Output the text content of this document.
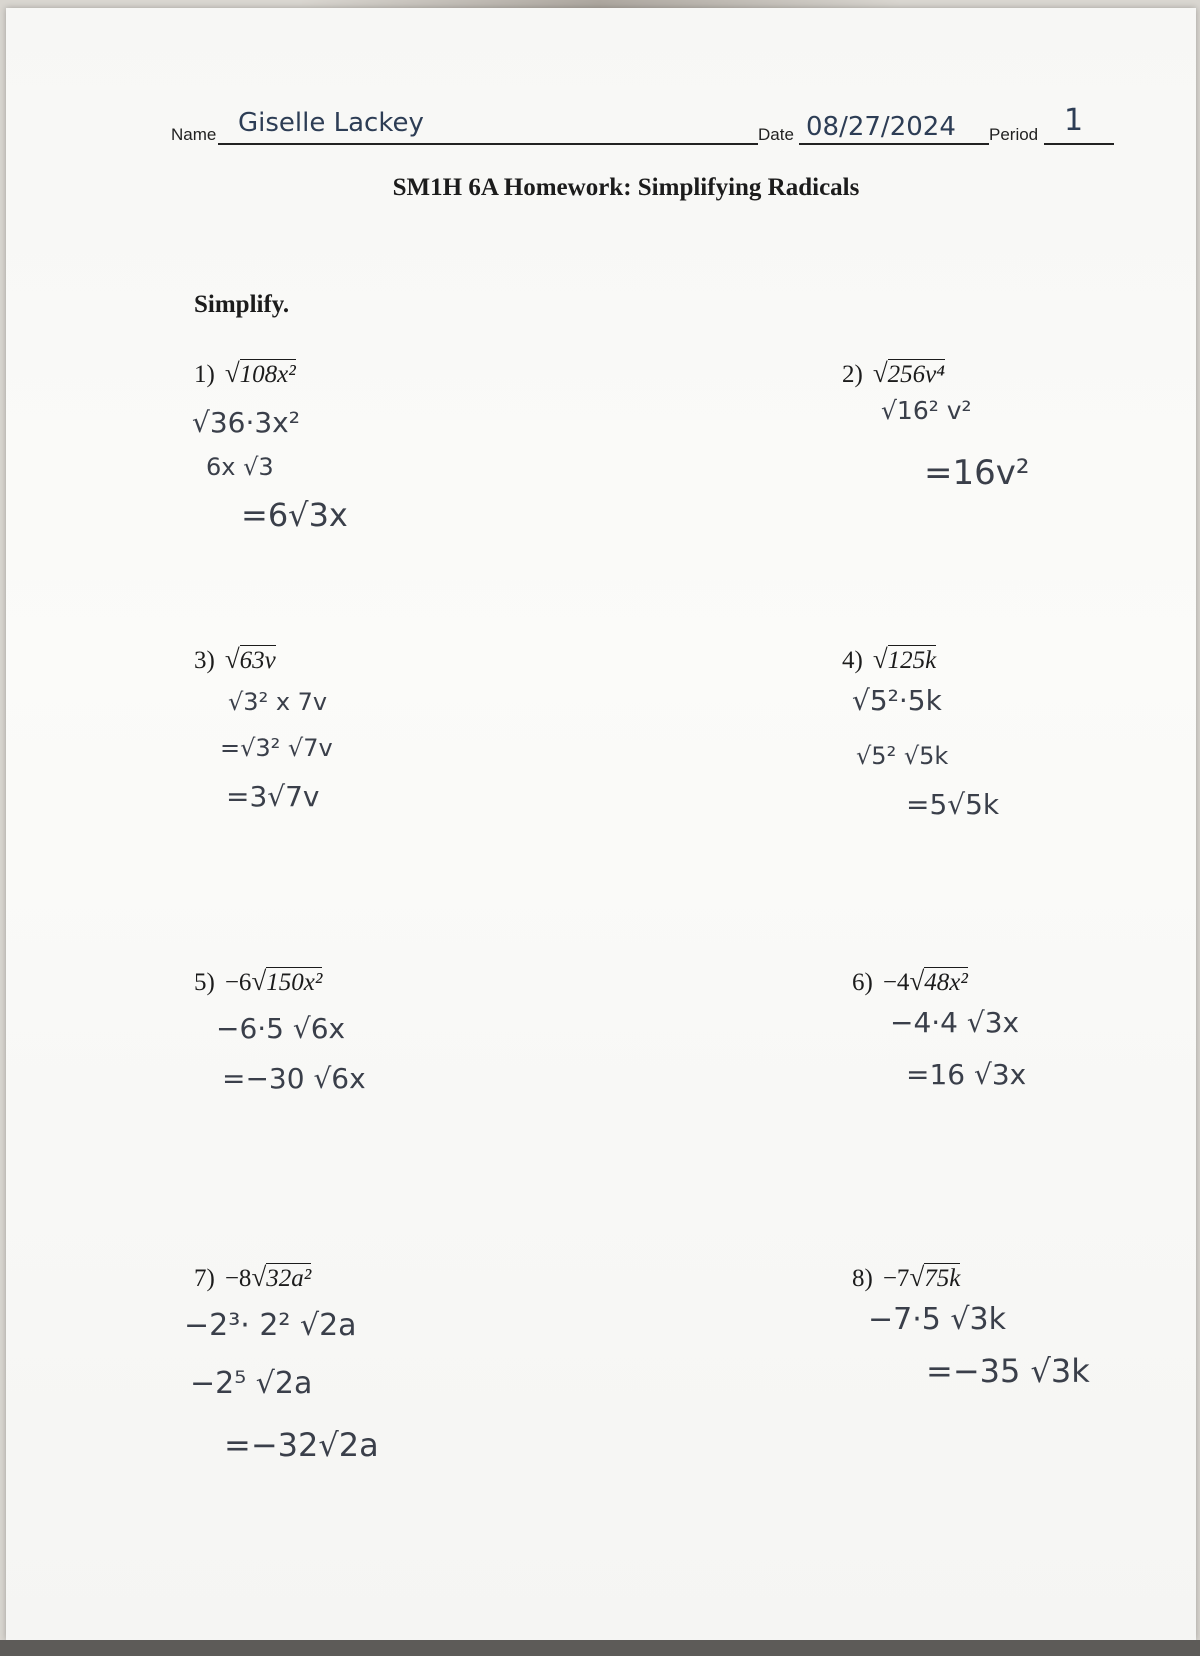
Name Giselle Lackey	Date 08/27/2024 Period 1
SM1H 6A Homework: Simplifying Radicals
Simplify.
1) √108x²
√36·3x²
6x √3
=6√3x
2) √256v⁴
√16² v²
=16v²
3) √63v
√3² x 7v
=√3² √7v
=3√7v
4) √125k
√5²·5k
√5² √5k
=5√5k
5) −6√150x²
−6·5 √6x
=−30 √6x
6) −4√48x²
−4·4 √3x
=16 √3x
7) −8√32a²
−2³· 2² √2a
−2⁵ √2a
=−32√2a
8) −7√75k
−7·5 √3k
=−35 √3k
